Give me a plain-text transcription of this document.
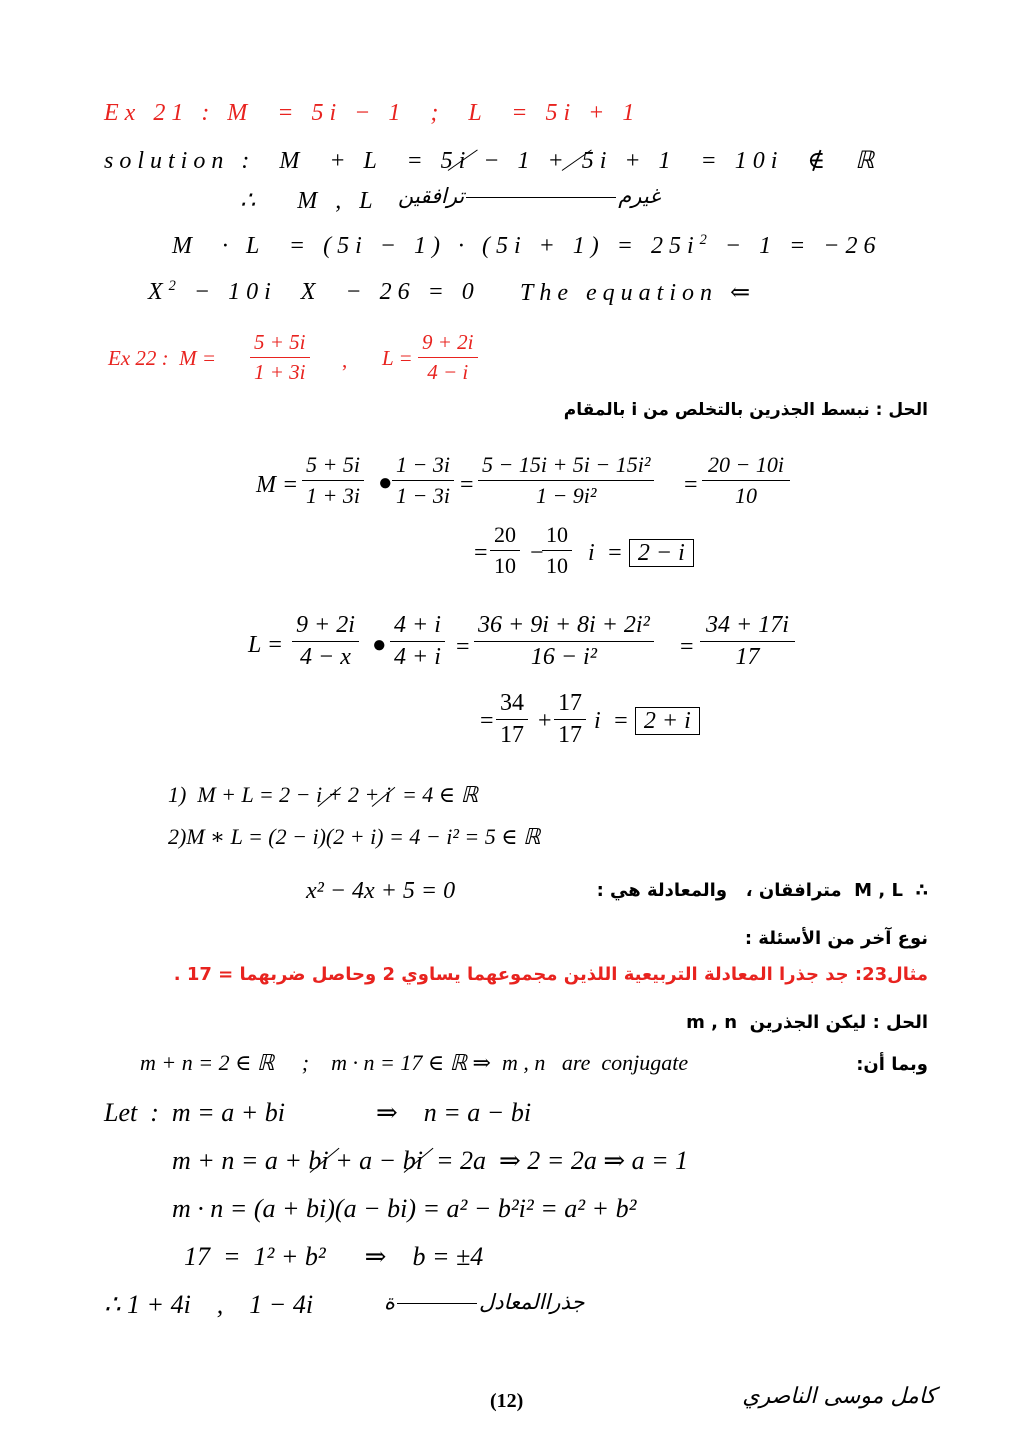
Ex 21 : M  = 5i − 1  ;  L  = 5i + 1
solution :  M  + L  = 5i − 1 + 5i + 1  = 10i  ∉  ℝ
∴   M , L	غيرمترافقين
$M \cdot L = (5i - 1) \cdot (5i + 1) = 25i^2 - 1 = -26$
$X^2 - 10i$  X  − 26 = 0 The equation ⇐
Ex 22 :  $M = \frac{5 + 5i}{1 + 3i}$ , $L = \frac{9 + 2i}{4 - i}$
الحل : نبسط الجذرين بالتخلص من i بالمقام
$M = \frac{5 + 5i}{1 + 3i}$ ● $\frac{1 - 3i}{1 - 3i} = \frac{\text{5 − 15i + 5i − 15i²}}{\text{1 − 9i²}} = \frac{20 - 10i}{10}$
= $\frac{20}{10}$ −
$\frac{10}{10}$ i  = 2 − i
$L = \frac{9 + 2i}{4 - x}$ ● $\frac{4 + i}{4 + i} = \frac{\text{36 + 9i + 8i + 2i²}}{\text{16 − i²}} = \frac{34 + 17i}{17}$
= $\frac{34}{17} + \frac{17}{17}$ i  = 2 + i
1)  M + L = 2 − i + 2 + i  = 4 ∈ ℝ
2)M ∗ L = (2 − i)(2 + i) = 4 − i² = 5 ∈ ℝ
x² − 4x + 5 = 0	∴  M , L  مترافقان ،   والمعادلة هي :
نوع آخر من الأسئلة :
مثال23: جد جذرا المعادلة التربيعية اللذين مجموعهما يساوي 2 وحاصل ضربهما = 17 .
الحل : ليكن الجذرين  m , n
وبما أن:
m + n = 2 ∈ ℝ     ;    m · n = 17 ∈ ℝ ⇒  m , n   are  conjugate
Let  :  m = a + bi              ⇒    n = a − bi
m + n = a + bi + a − bi  = 2a  ⇒ 2 = 2a ⇒ a = 1
m · n = (a + bi)(a − bi) = a² − b²i² = a² + b²
17  =  1² + b²      ⇒    b = ±4
∴ 1 + 4i    ,    1 − 4i	جذراالمعادلة
(12)	كامل موسى الناصري
